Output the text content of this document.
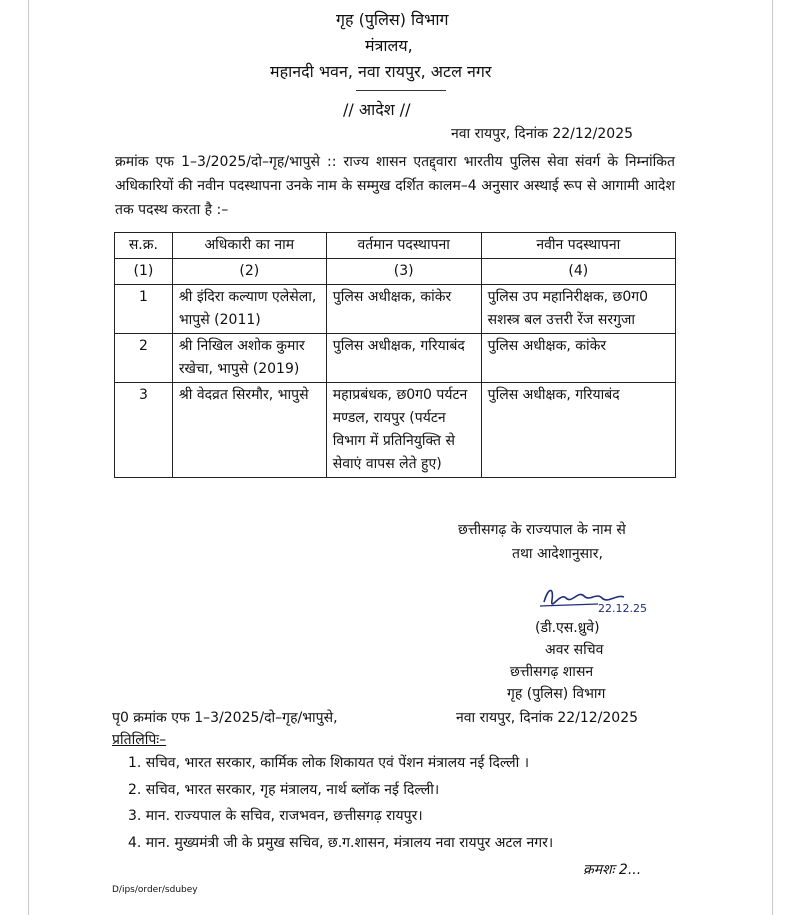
गृह (पुलिस) विभाग
मंत्रालय,
महानदी भवन, नवा रायपुर, अटल नगर
// आदेश //
नवा रायपुर, दिनांक 22/12/2025
क्रमांक एफ 1–3/2025/दो–गृह/भापुसे :: राज्य शासन एतद्द्वारा भारतीय पुलिस सेवा संवर्ग के निम्नांकित अधिकारियों की नवीन पदस्थापना उनके नाम के सम्मुख दर्शित कालम–4 अनुसार अस्थाई रूप से आगामी आदेश तक पदस्थ करता है :–
स.क्र.	अधिकारी का नाम	वर्तमान पदस्थापना	नवीन पदस्थापना
(1)	(2)	(3)	(4)
1	श्री इंदिरा कल्याण एलेसेला, भापुसे (2011)	पुलिस अधीक्षक, कांकेर	पुलिस उप महानिरीक्षक, छ0ग0 सशस्त्र बल उत्तरी रेंज सरगुजा
2	श्री निखिल अशोक कुमार रखेचा, भापुसे (2019)	पुलिस अधीक्षक, गरियाबंद	पुलिस अधीक्षक, कांकेर
3	श्री वेदव्रत सिरमौर, भापुसे	महाप्रबंधक, छ0ग0 पर्यटन मण्डल, रायपुर (पर्यटन विभाग में प्रतिनियुक्ति से सेवाएं वापस लेते हुए)	पुलिस अधीक्षक, गरियाबंद
छत्तीसगढ़ के राज्यपाल के नाम से
तथा आदेशानुसार,
22.12.25
(डी.एस.ध्रुवे)
अवर सचिव
छत्तीसगढ़ शासन
गृह (पुलिस) विभाग
पृ0 क्रमांक एफ 1–3/2025/दो–गृह/भापुसे,	नवा रायपुर, दिनांक 22/12/2025
प्रतिलिपिः–
1. सचिव, भारत सरकार, कार्मिक लोक शिकायत एवं पेंशन मंत्रालय नई दिल्ली ।
2. सचिव, भारत सरकार, गृह मंत्रालय, नार्थ ब्लॉक नई दिल्ली।
3. मान. राज्यपाल के सचिव, राजभवन, छत्तीसगढ़ रायपुर।
4. मान. मुख्यमंत्री जी के प्रमुख सचिव, छ.ग.शासन, मंत्रालय नवा रायपुर अटल नगर।
क्रमशः 2...
D/ips/order/sdubey
